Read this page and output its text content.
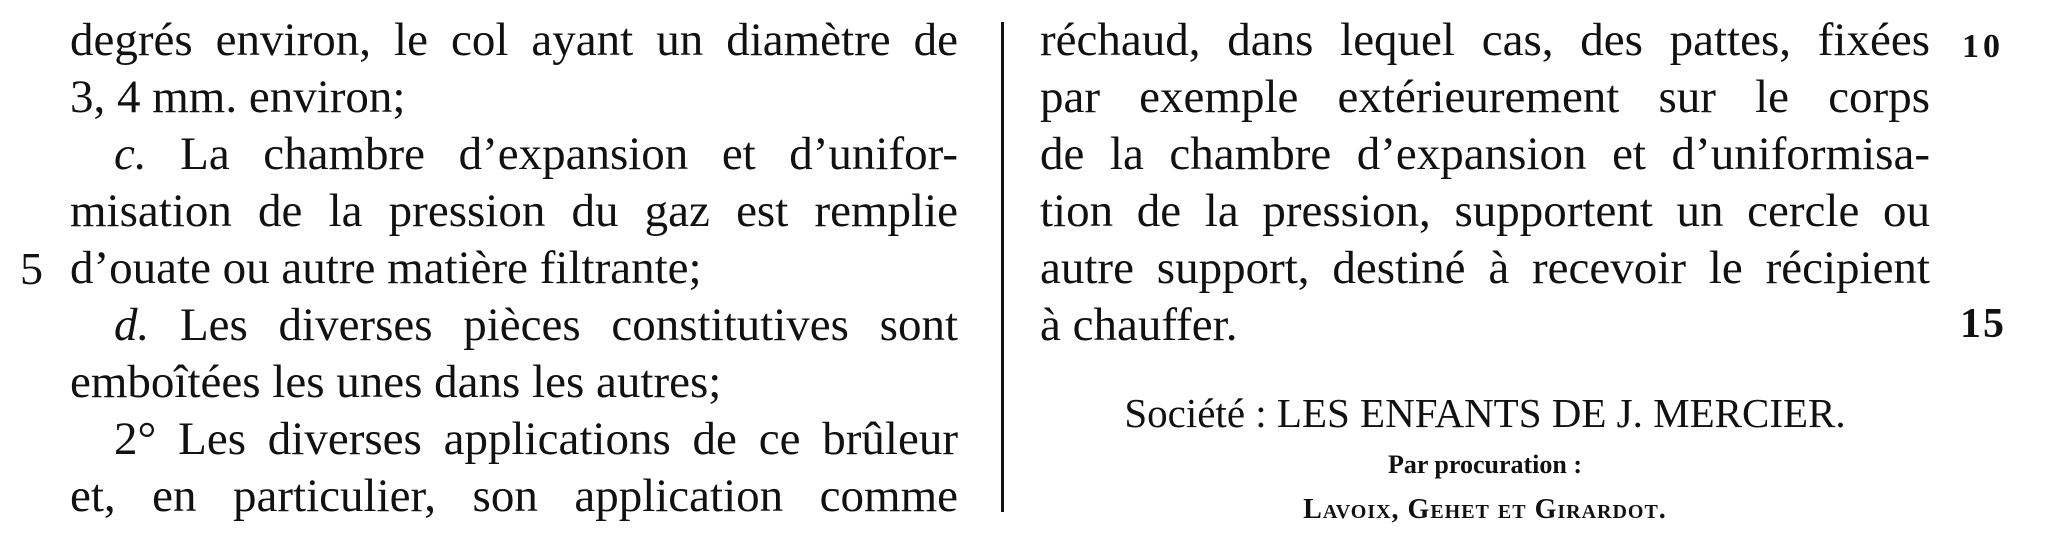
degrés environ, le col ayant un diamètre de
3, 4 mm. environ;
c. La chambre d’expansion et d’unifor-
misation de la pression du gaz est remplie
d’ouate ou autre matière filtrante;
d. Les diverses pièces constitutives sont
emboîtées les unes dans les autres;
2° Les diverses applications de ce brûleur
et, en particulier, son application comme
réchaud, dans lequel cas, des pattes, fixées
par exemple extérieurement sur le corps
de la chambre d’expansion et d’uniformisa-
tion de la pression, supportent un cercle ou
autre support, destiné à recevoir le récipient
à chauffer.
5
10
15
Société : LES ENFANTS DE J. MERCIER.
Par procuration :
Lavoix, Gehet et Girardot.
